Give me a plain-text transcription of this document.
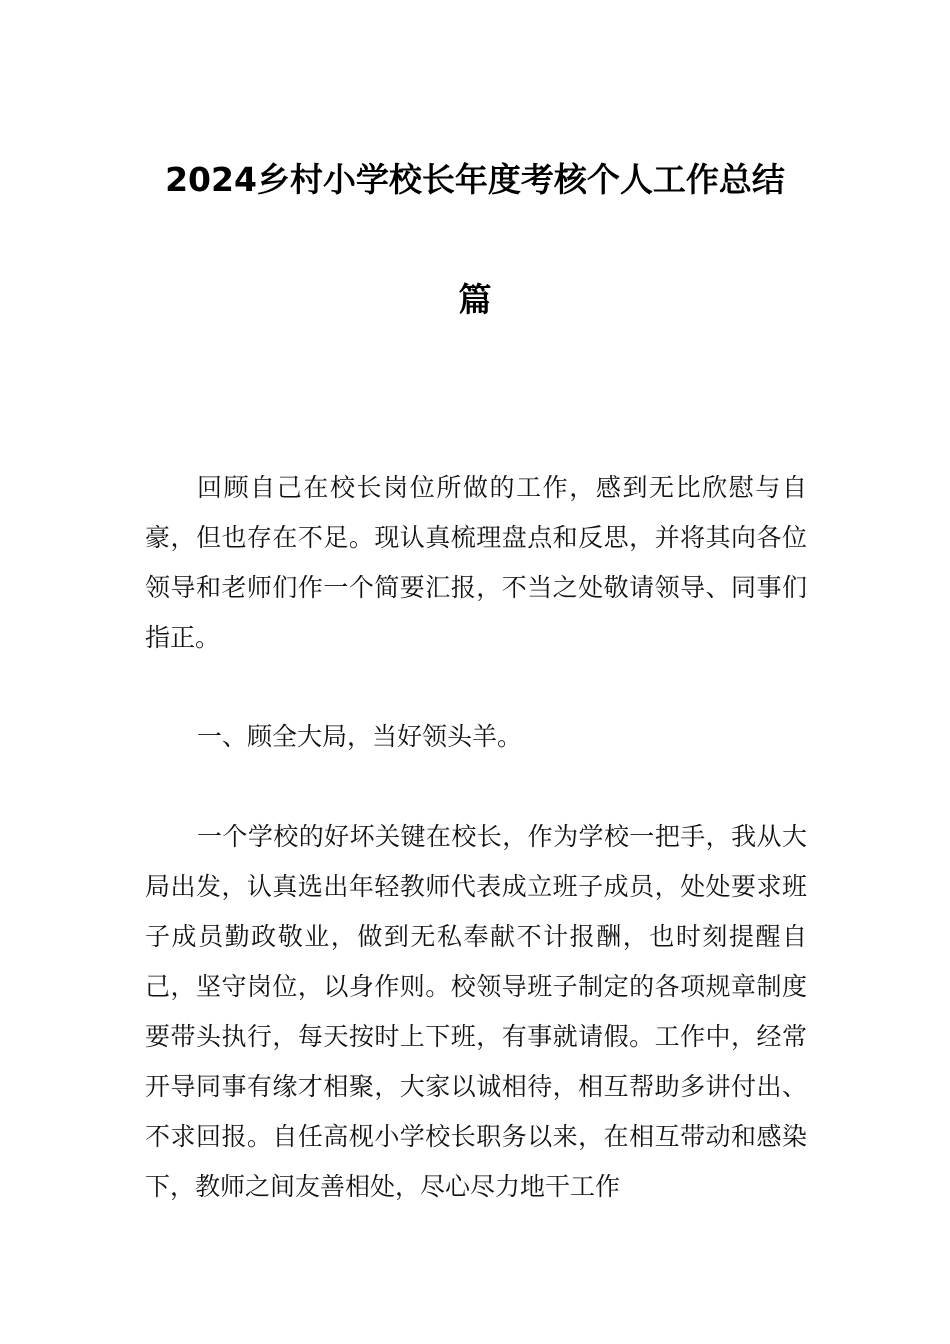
2024乡村小学校长年度考核个人工作总结
篇

回顾自己在校长岗位所做的工作，感到无比欣慰与自豪，但也存在不足。现认真梳理盘点和反思，并将其向各位领导和老师们作一个简要汇报，不当之处敬请领导、同事们指正。

一、顾全大局，当好领头羊。

一个学校的好坏关键在校长，作为学校一把手，我从大局出发，认真选出年轻教师代表成立班子成员，处处要求班子成员勤政敬业，做到无私奉献不计报酬，也时刻提醒自己，坚守岗位，以身作则。校领导班子制定的各项规章制度要带头执行，每天按时上下班，有事就请假。工作中，经常开导同事有缘才相聚，大家以诚相待，相互帮助多讲付出、不求回报。自任高枧小学校长职务以来，在相互带动和感染下，教师之间友善相处，尽心尽力地干工作
